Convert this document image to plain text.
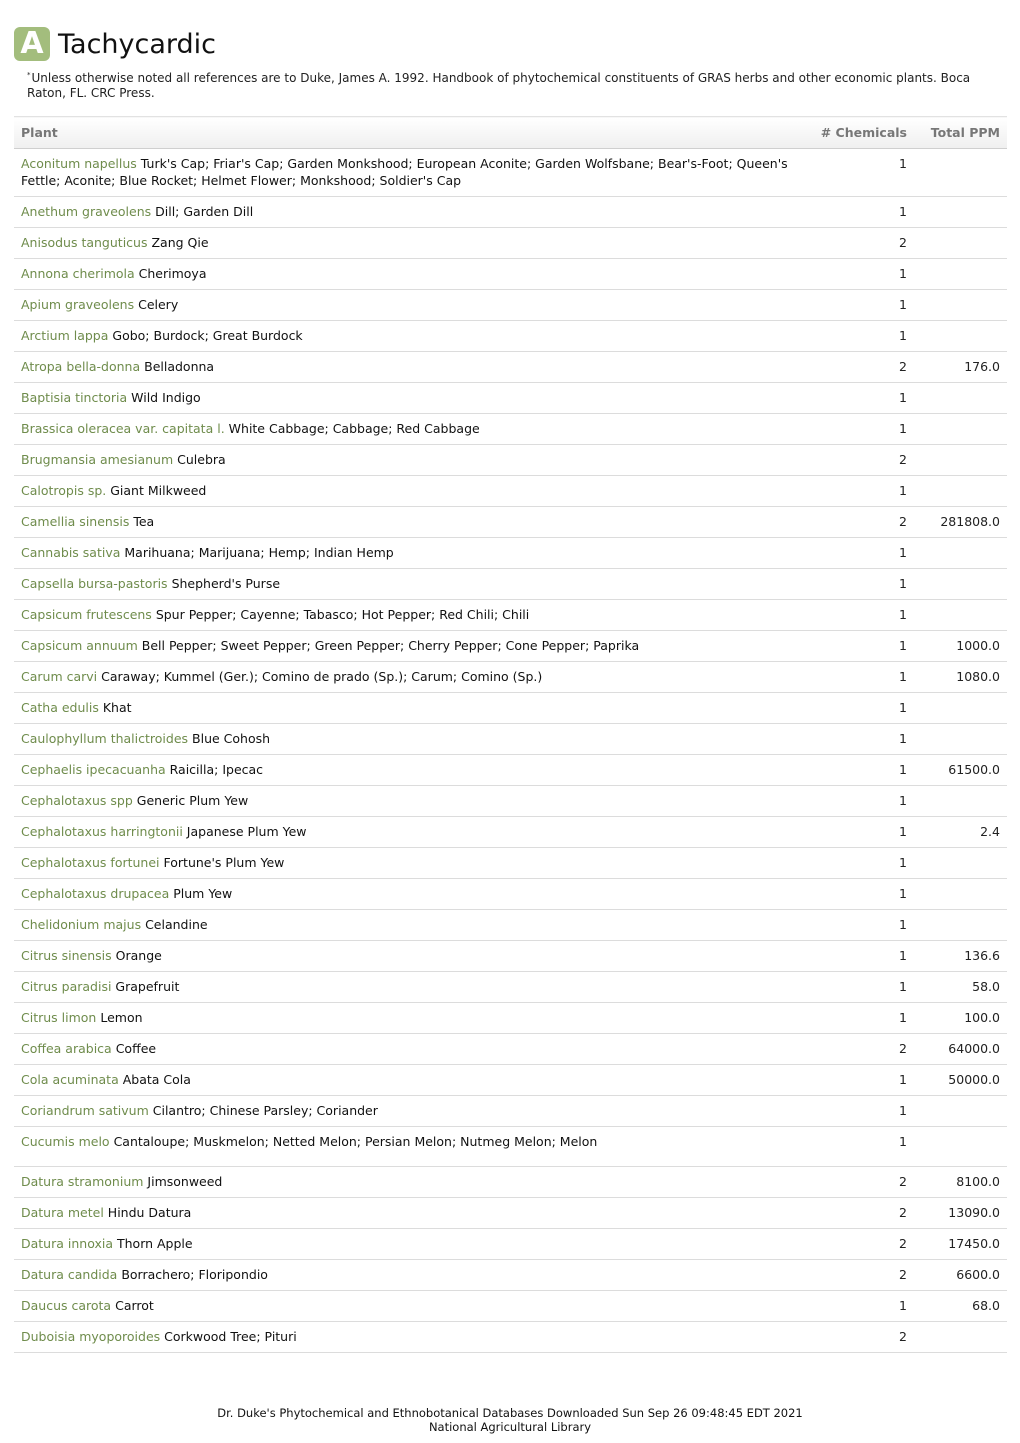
A Tachycardic
*Unless otherwise noted all references are to Duke, James A. 1992. Handbook of phytochemical constituents of GRAS herbs and other economic plants. Boca Raton, FL. CRC Press.
Plant	# Chemicals	Total PPM
Aconitum napellus Turk's Cap; Friar's Cap; Garden Monkshood; European Aconite; Garden Wolfsbane; Bear's-Foot; Queen's Fettle; Aconite; Blue Rocket; Helmet Flower; Monkshood; Soldier's Cap	1	
Anethum graveolens Dill; Garden Dill	1	
Anisodus tanguticus Zang Qie	2	
Annona cherimola Cherimoya	1	
Apium graveolens Celery	1	
Arctium lappa Gobo; Burdock; Great Burdock	1	
Atropa bella-donna Belladonna	2	176.0
Baptisia tinctoria Wild Indigo	1	
Brassica oleracea var. capitata l. White Cabbage; Cabbage; Red Cabbage	1	
Brugmansia amesianum Culebra	2	
Calotropis sp. Giant Milkweed	1	
Camellia sinensis Tea	2	281808.0
Cannabis sativa Marihuana; Marijuana; Hemp; Indian Hemp	1	
Capsella bursa-pastoris Shepherd's Purse	1	
Capsicum frutescens Spur Pepper; Cayenne; Tabasco; Hot Pepper; Red Chili; Chili	1	
Capsicum annuum Bell Pepper; Sweet Pepper; Green Pepper; Cherry Pepper; Cone Pepper; Paprika	1	1000.0
Carum carvi Caraway; Kummel (Ger.); Comino de prado (Sp.); Carum; Comino (Sp.)	1	1080.0
Catha edulis Khat	1	
Caulophyllum thalictroides Blue Cohosh	1	
Cephaelis ipecacuanha Raicilla; Ipecac	1	61500.0
Cephalotaxus spp Generic Plum Yew	1	
Cephalotaxus harringtonii Japanese Plum Yew	1	2.4
Cephalotaxus fortunei Fortune's Plum Yew	1	
Cephalotaxus drupacea Plum Yew	1	
Chelidonium majus Celandine	1	
Citrus sinensis Orange	1	136.6
Citrus paradisi Grapefruit	1	58.0
Citrus limon Lemon	1	100.0
Coffea arabica Coffee	2	64000.0
Cola acuminata Abata Cola	1	50000.0
Coriandrum sativum Cilantro; Chinese Parsley; Coriander	1	
Cucumis melo Cantaloupe; Muskmelon; Netted Melon; Persian Melon; Nutmeg Melon; Melon	1	
Datura stramonium Jimsonweed	2	8100.0
Datura metel Hindu Datura	2	13090.0
Datura innoxia Thorn Apple	2	17450.0
Datura candida Borrachero; Floripondio	2	6600.0
Daucus carota Carrot	1	68.0
Duboisia myoporoides Corkwood Tree; Pituri	2	
Dr. Duke's Phytochemical and Ethnobotanical Databases Downloaded Sun Sep 26 09:48:45 EDT 2021
National Agricultural Library
